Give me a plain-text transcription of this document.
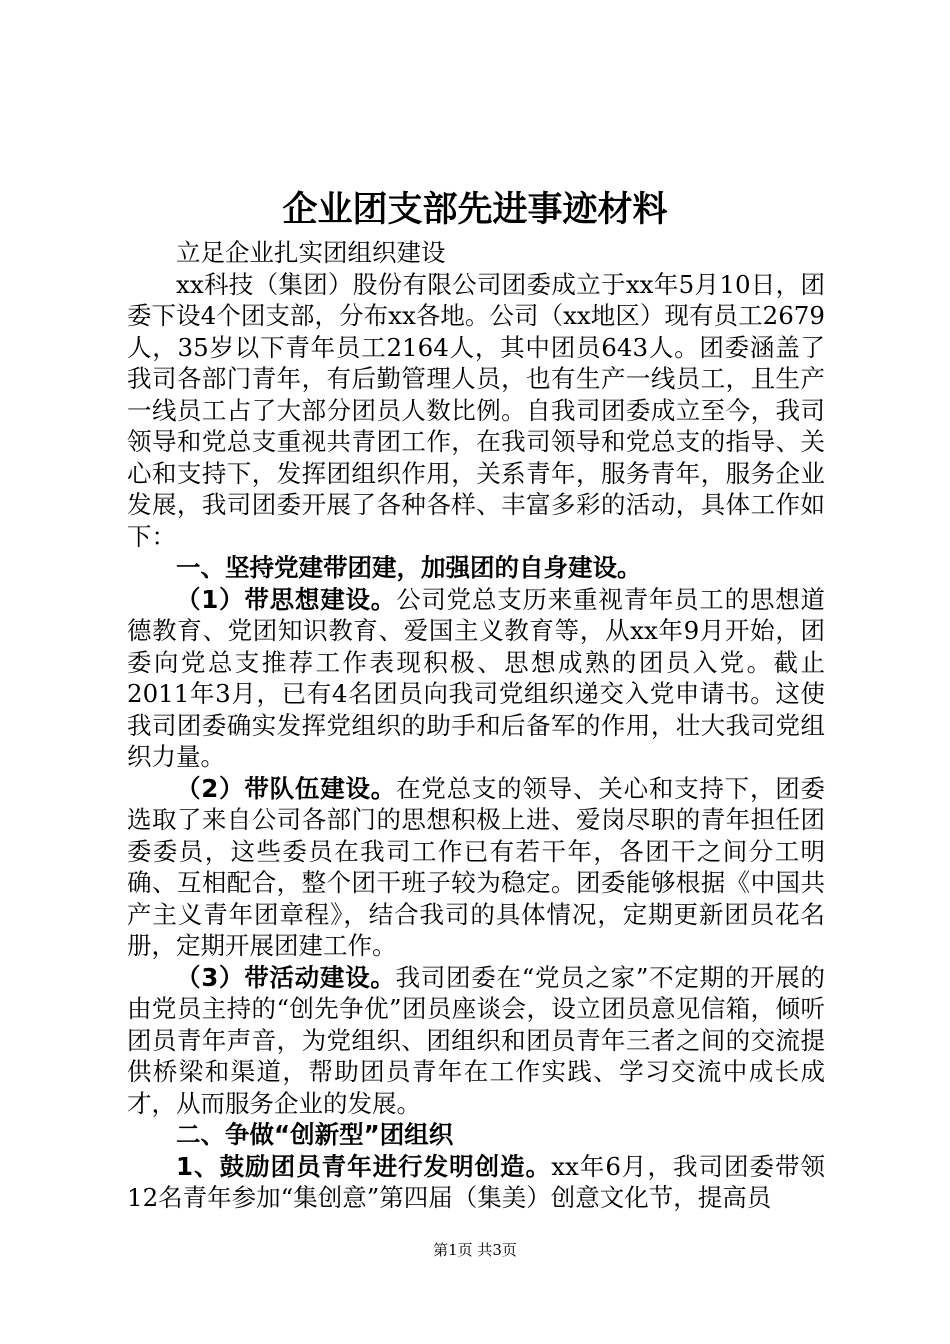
企业团支部先进事迹材料

立足企业扎实团组织建设

xx科技（集团）股份有限公司团委成立于xx年5月10日，团委下设4个团支部，分布xx各地。公司（xx地区）现有员工2679人，35岁以下青年员工2164人，其中团员643人。团委涵盖了我司各部门青年，有后勤管理人员，也有生产一线员工，且生产一线员工占了大部分团员人数比例。自我司团委成立至今，我司领导和党总支重视共青团工作，在我司领导和党总支的指导、关心和支持下，发挥团组织作用，关系青年，服务青年，服务企业发展，我司团委开展了各种各样、丰富多彩的活动，具体工作如下：

一、坚持党建带团建，加强团的自身建设。

（1）带思想建设。公司党总支历来重视青年员工的思想道德教育、党团知识教育、爱国主义教育等，从xx年9月开始，团委向党总支推荐工作表现积极、思想成熟的团员入党。截止2011年3月，已有4名团员向我司党组织递交入党申请书。这使我司团委确实发挥党组织的助手和后备军的作用，壮大我司党组织力量。

（2）带队伍建设。在党总支的领导、关心和支持下，团委选取了来自公司各部门的思想积极上进、爱岗尽职的青年担任团委委员，这些委员在我司工作已有若干年，各团干之间分工明确、互相配合，整个团干班子较为稳定。团委能够根据《中国共产主义青年团章程》，结合我司的具体情况，定期更新团员花名册，定期开展团建工作。

（3）带活动建设。我司团委在“党员之家”不定期的开展的由党员主持的“创先争优”团员座谈会，设立团员意见信箱，倾听团员青年声音，为党组织、团组织和团员青年三者之间的交流提供桥梁和渠道，帮助团员青年在工作实践、学习交流中成长成才，从而服务企业的发展。

二、争做“创新型”团组织

1、鼓励团员青年进行发明创造。xx年6月，我司团委带领12名青年参加“集创意”第四届（集美）创意文化节，提高员

第1页 共3页
